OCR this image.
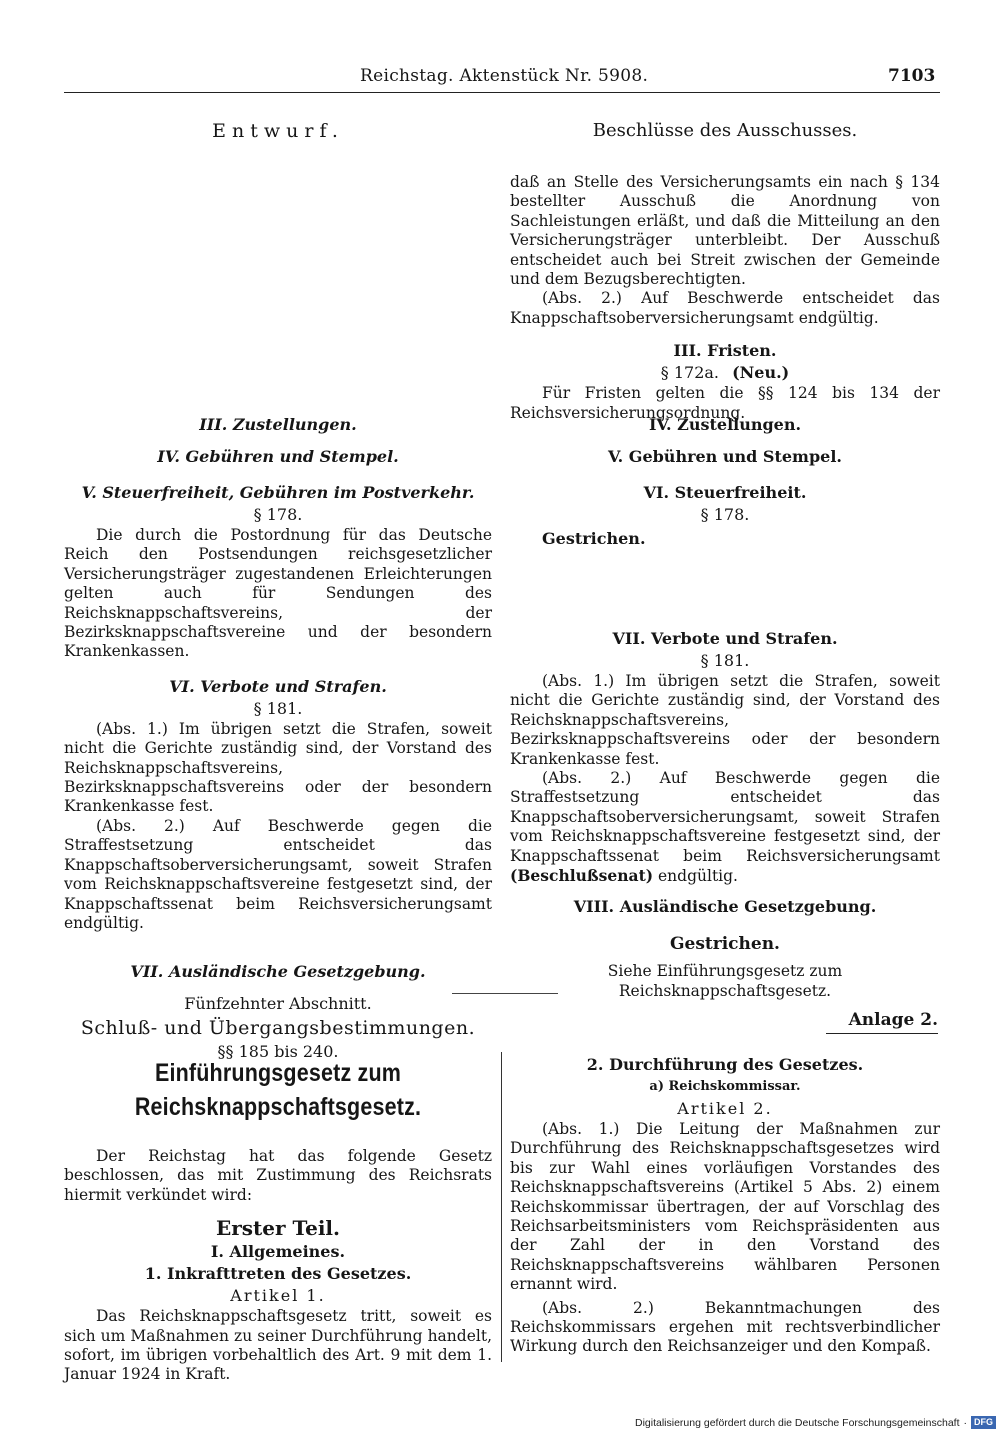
Reichstag. Aktenstück Nr. 5908.	7103
Entwurf.	Beschlüsse des Ausschusses.

daß an Stelle des Versicherungsamts ein nach § 134 bestellter Ausschuß die Anordnung von Sachleistungen erläßt, und daß die Mitteilung an den Versicherungsträger unterbleibt. Der Ausschuß entscheidet auch bei Streit zwischen der Gemeinde und dem Bezugsberechtigten.

(Abs. 2.) Auf Beschwerde entscheidet das Knappschaftsoberversicherungsamt endgültig.

III. Fristen.

§ 172a. (Neu.)

Für Fristen gelten die §§ 124 bis 134 der Reichsversicherungsordnung.

III. Zustellungen.

IV. Gebühren und Stempel.

V. Steuerfreiheit, Gebühren im Postverkehr.

§ 178.

Die durch die Postordnung für das Deutsche Reich den Postsendungen reichsgesetzlicher Versicherungsträger zugestandenen Erleichterungen gelten auch für Sendungen des Reichsknappschaftsvereins, der Bezirksknappschaftsvereine und der besondern Krankenkassen.

VI. Verbote und Strafen.

§ 181.

(Abs. 1.) Im übrigen setzt die Strafen, soweit nicht die Gerichte zuständig sind, der Vorstand des Reichsknappschaftsvereins, Bezirksknappschaftsvereins oder der besondern Krankenkasse fest.

(Abs. 2.) Auf Beschwerde gegen die Straffestsetzung entscheidet das Knappschaftsoberversicherungsamt, soweit Strafen vom Reichsknappschaftsvereine festgesetzt sind, der Knappschaftssenat beim Reichsversicherungsamt endgültig.

VII. Ausländische Gesetzgebung.

Fünfzehnter Abschnitt.

Schluß- und Übergangsbestimmungen.

§§ 185 bis 240.

IV. Zustellungen.

V. Gebühren und Stempel.

VI. Steuerfreiheit.

§ 178.

Gestrichen.

VII. Verbote und Strafen.

§ 181.

(Abs. 1.) Im übrigen setzt die Strafen, soweit nicht die Gerichte zuständig sind, der Vorstand des Reichsknappschaftsvereins, Bezirksknappschaftsvereins oder der besondern Krankenkasse fest.

(Abs. 2.) Auf Beschwerde gegen die Straffestsetzung entscheidet das Knappschaftsoberversicherungsamt, soweit Strafen vom Reichsknappschaftsvereine festgesetzt sind, der Knappschaftssenat beim Reichsversicherungsamt (Beschlußsenat) endgültig.

VIII. Ausländische Gesetzgebung.

Gestrichen.

Siehe Einführungsgesetz zum Reichsknappschaftsgesetz.

Anlage 2.

Einführungsgesetz zum Reichsknappschaftsgesetz.

Der Reichstag hat das folgende Gesetz beschlossen, das mit Zustimmung des Reichsrats hiermit verkündet wird:

Erster Teil.

I. Allgemeines.

1. Inkrafttreten des Gesetzes.

Artikel 1.

Das Reichsknappschaftsgesetz tritt, soweit es sich um Maßnahmen zu seiner Durchführung handelt, sofort, im übrigen vorbehaltlich des Art. 9 mit dem 1. Januar 1924 in Kraft.

2. Durchführung des Gesetzes.

a) Reichskommissar.

Artikel 2.

(Abs. 1.) Die Leitung der Maßnahmen zur Durchführung des Reichsknappschaftsgesetzes wird bis zur Wahl eines vorläufigen Vorstandes des Reichsknappschaftsvereins (Artikel 5 Abs. 2) einem Reichskommissar übertragen, der auf Vorschlag des Reichsarbeitsministers vom Reichspräsidenten aus der Zahl der in den Vorstand des Reichsknappschaftsvereins wählbaren Personen ernannt wird.

(Abs. 2.) Bekanntmachungen des Reichskommissars ergehen mit rechtsverbindlicher Wirkung durch den Reichsanzeiger und den Kompaß.

Digitalisierung gefördert durch die Deutsche Forschungsgemeinschaft · DFG
